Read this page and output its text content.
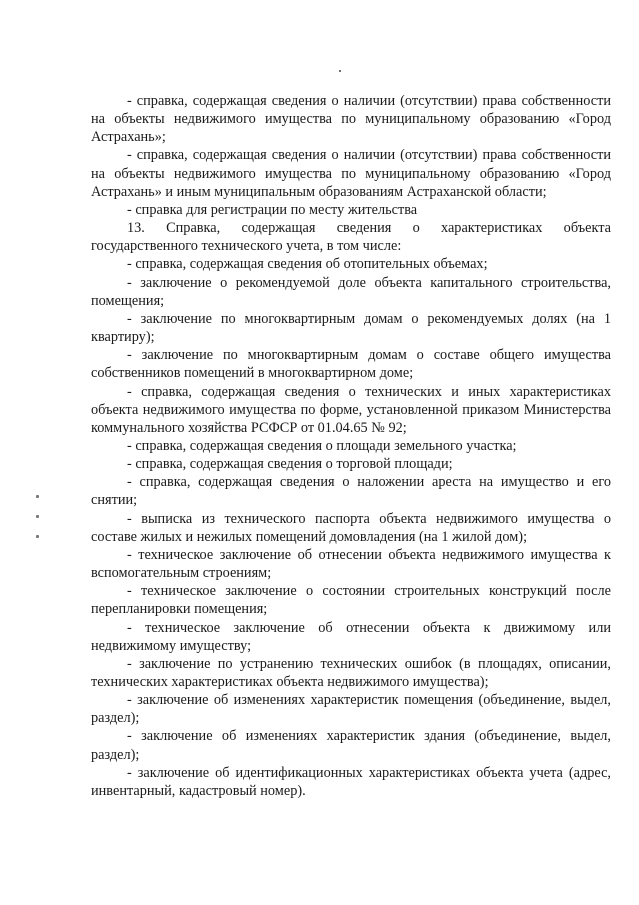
- справка, содержащая сведения о наличии (отсутствии) права собственности на объекты недвижимого имущества по муниципальному образованию «Город Астрахань»;

- справка, содержащая сведения о наличии (отсутствии) права собственности на объекты недвижимого имущества по муниципальному образованию «Город Астрахань» и иным муниципальным образованиям Астраханской области;

- справка для регистрации по месту жительства

13. Справка, содержащая сведения о характеристиках объекта государственного технического учета, в том числе:

- справка, содержащая сведения об отопительных объемах;

- заключение о рекомендуемой доле объекта капитального строительства, помещения;

- заключение по многоквартирным домам о рекомендуемых долях (на 1 квартиру);

- заключение по многоквартирным домам о составе общего имущества собственников помещений в многоквартирном доме;

- справка, содержащая сведения о технических и иных характеристиках объекта недвижимого имущества по форме, установленной приказом Министерства коммунального хозяйства РСФСР от 01.04.65 № 92;

- справка, содержащая сведения о площади земельного участка;

- справка, содержащая сведения о торговой площади;

- справка, содержащая сведения о наложении ареста на имущество и его снятии;

- выписка из технического паспорта объекта недвижимого имущества о составе жилых и нежилых помещений домовладения (на 1 жилой дом);

- техническое заключение об отнесении объекта недвижимого имущества к вспомогательным строениям;

- техническое заключение о состоянии строительных конструкций после перепланировки помещения;

- техническое заключение об отнесении объекта к движимому или недвижимому имуществу;

- заключение по устранению технических ошибок (в площадях, описании, технических характеристиках объекта недвижимого имущества);

- заключение об изменениях характеристик помещения (объединение, выдел, раздел);

- заключение об изменениях характеристик здания (объединение, выдел, раздел);

- заключение об идентификационных характеристиках объекта учета (адрес, инвентарный, кадастровый номер).
